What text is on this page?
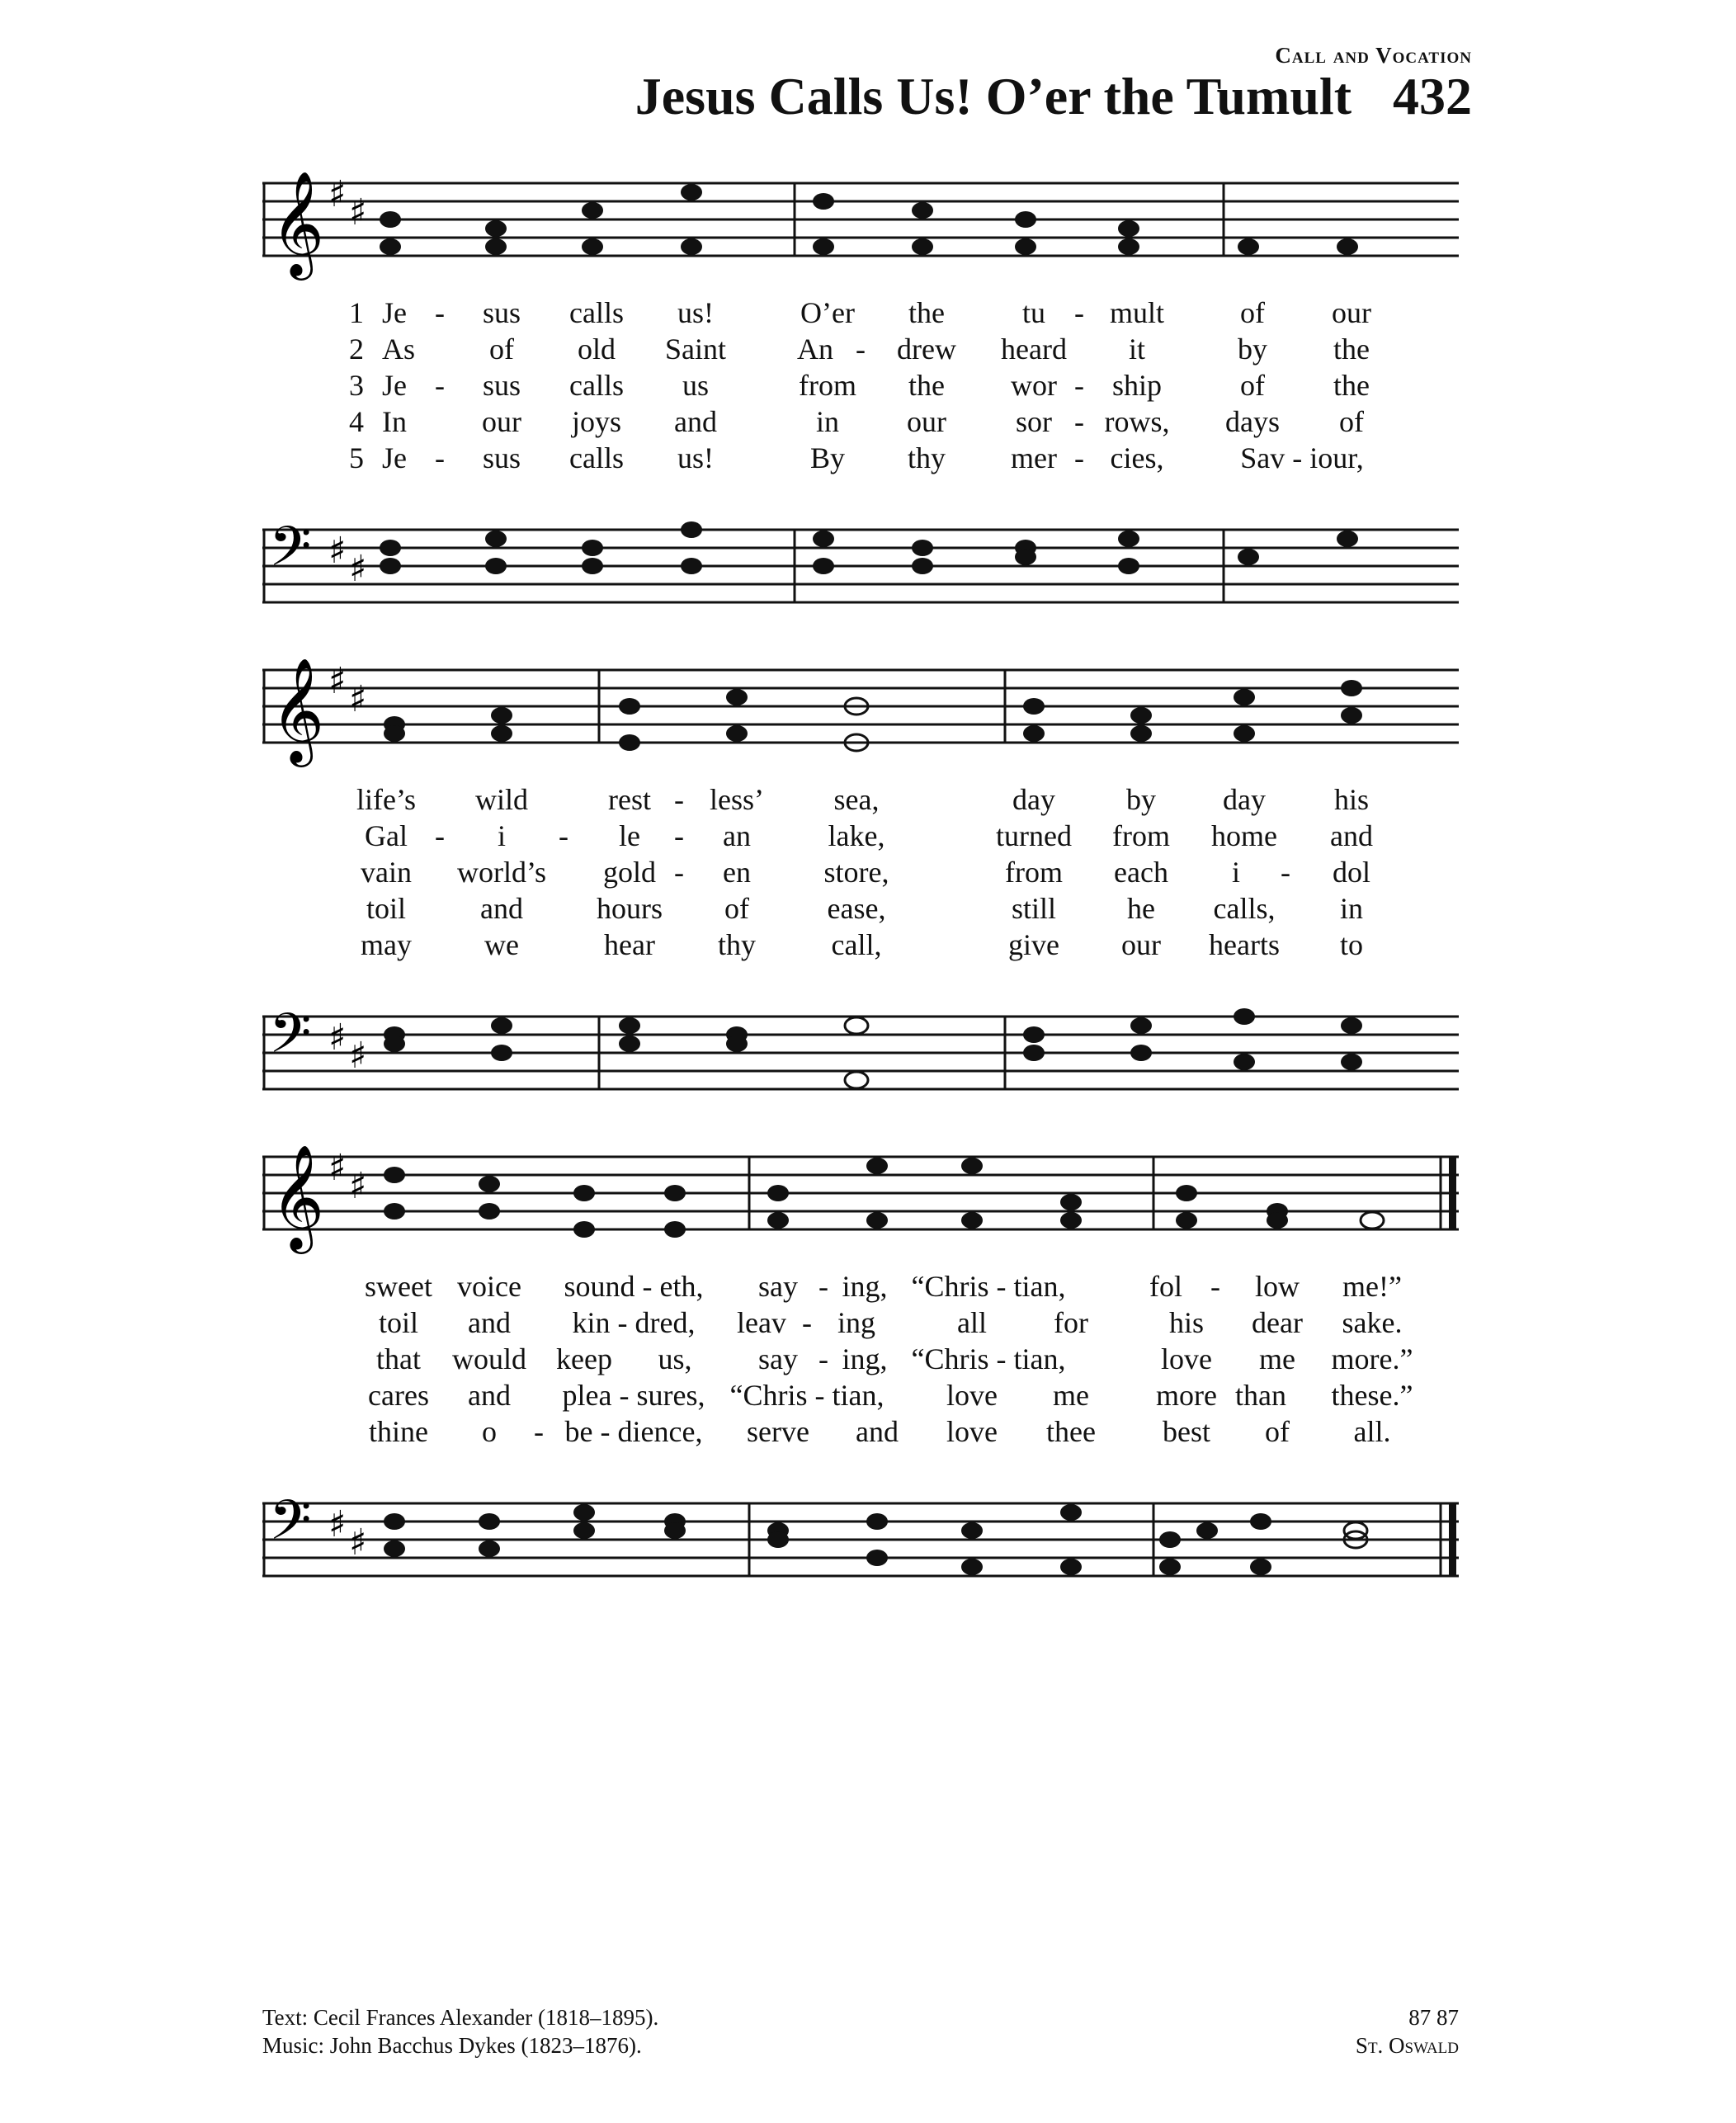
Call and Vocation
Jesus Calls Us! O’er the Tumult 432
𝄞 ♯ ♯
1 Je - sus calls us!	O’er the	tu - mult	of our
2 As of old Saint An - drew heard it	by the
3 Je - sus calls us	from the wor - ship	of the
4 In	our joys and	in our sor - rows, days of
5 Je - sus calls us!	By thy mer - cies,	Sav - iour,
𝄢 ♯ ♯
𝄞 ♯ ♯
life’s wild	rest - less’ sea,	day by day his
Gal - i - le - an	lake,	turned from home and
vain world’s gold - en store,	from each i - dol
toil	and hours of	ease,	still he calls, in
may we	hear thy	call,	give our hearts to
𝄢 ♯ ♯
𝄞 ♯ ♯
sweet voice sound - eth, say - ing, “Chris - tian,	fol - low me!”
toil and kin - dred, leav - ing	all for	his dear sake.
that would keep us, say - ing, “Chris - tian,	love me more.”
cares and plea - sures, “Chris - tian, love me more than these.”
thine o - be - dience, serve and love thee best of all.
𝄢 ♯ ♯
Text: Cecil Frances Alexander (1818–1895).
Music: John Bacchus Dykes (1823–1876).
87 87
St. Oswald
